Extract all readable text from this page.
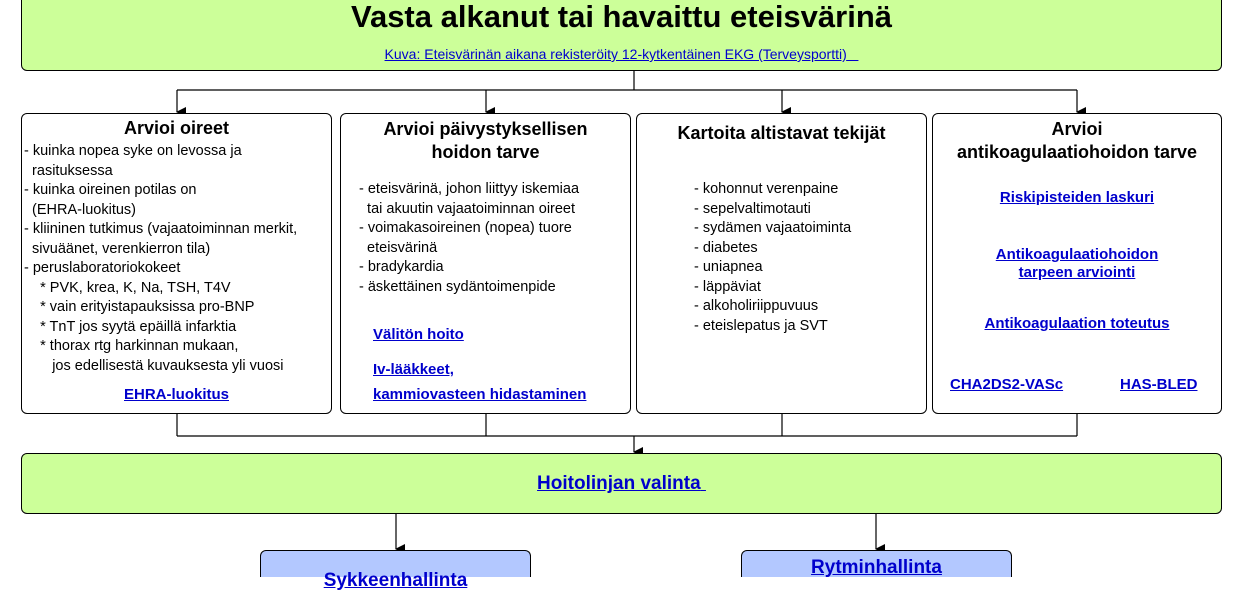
Vasta alkanut tai havaittu eteisvärinä
Kuva: Eteisvärinän aikana rekisteröity 12-kytkentäinen EKG (Terveysportti)
Arvioi oireet
- kuinka nopea syke on levossa ja
rasituksessa
- kuinka oireinen potilas on
(EHRA-luokitus)
- kliininen tutkimus (vajaatoiminnan merkit,
sivuäänet, verenkierron tila)
- peruslaboratoriokokeet
* PVK, krea, K, Na, TSH, T4V
* vain erityistapauksissa pro-BNP
* TnT jos syytä epäillä infarktia
* thorax rtg harkinnan mukaan,
jos edellisestä kuvauksesta yli vuosi
EHRA-luokitus
Arvioi päivystyksellisen
hoidon tarve
- eteisvärinä, johon liittyy iskemiaa
tai akuutin vajaatoiminnan oireet
- voimakasoireinen (nopea) tuore
eteisvärinä
- bradykardia
- äskettäinen sydäntoimenpide
Välitön hoito
Iv-lääkkeet,
kammiovasteen hidastaminen
Kartoita altistavat tekijät
- kohonnut verenpaine
- sepelvaltimotauti
- sydämen vajaatoiminta
- diabetes
- uniapnea
- läppäviat
- alkoholiriippuvuus
- eteislepatus ja SVT
Arvioi
antikoagulaatiohoidon tarve
Riskipisteiden laskuri
Antikoagulaatiohoidon
tarpeen arviointi
Antikoagulaation toteutus
CHA2DS2-VASc	HAS-BLED
Hoitolinjan valinta
Sykkeenhallinta
Rytminhallinta
